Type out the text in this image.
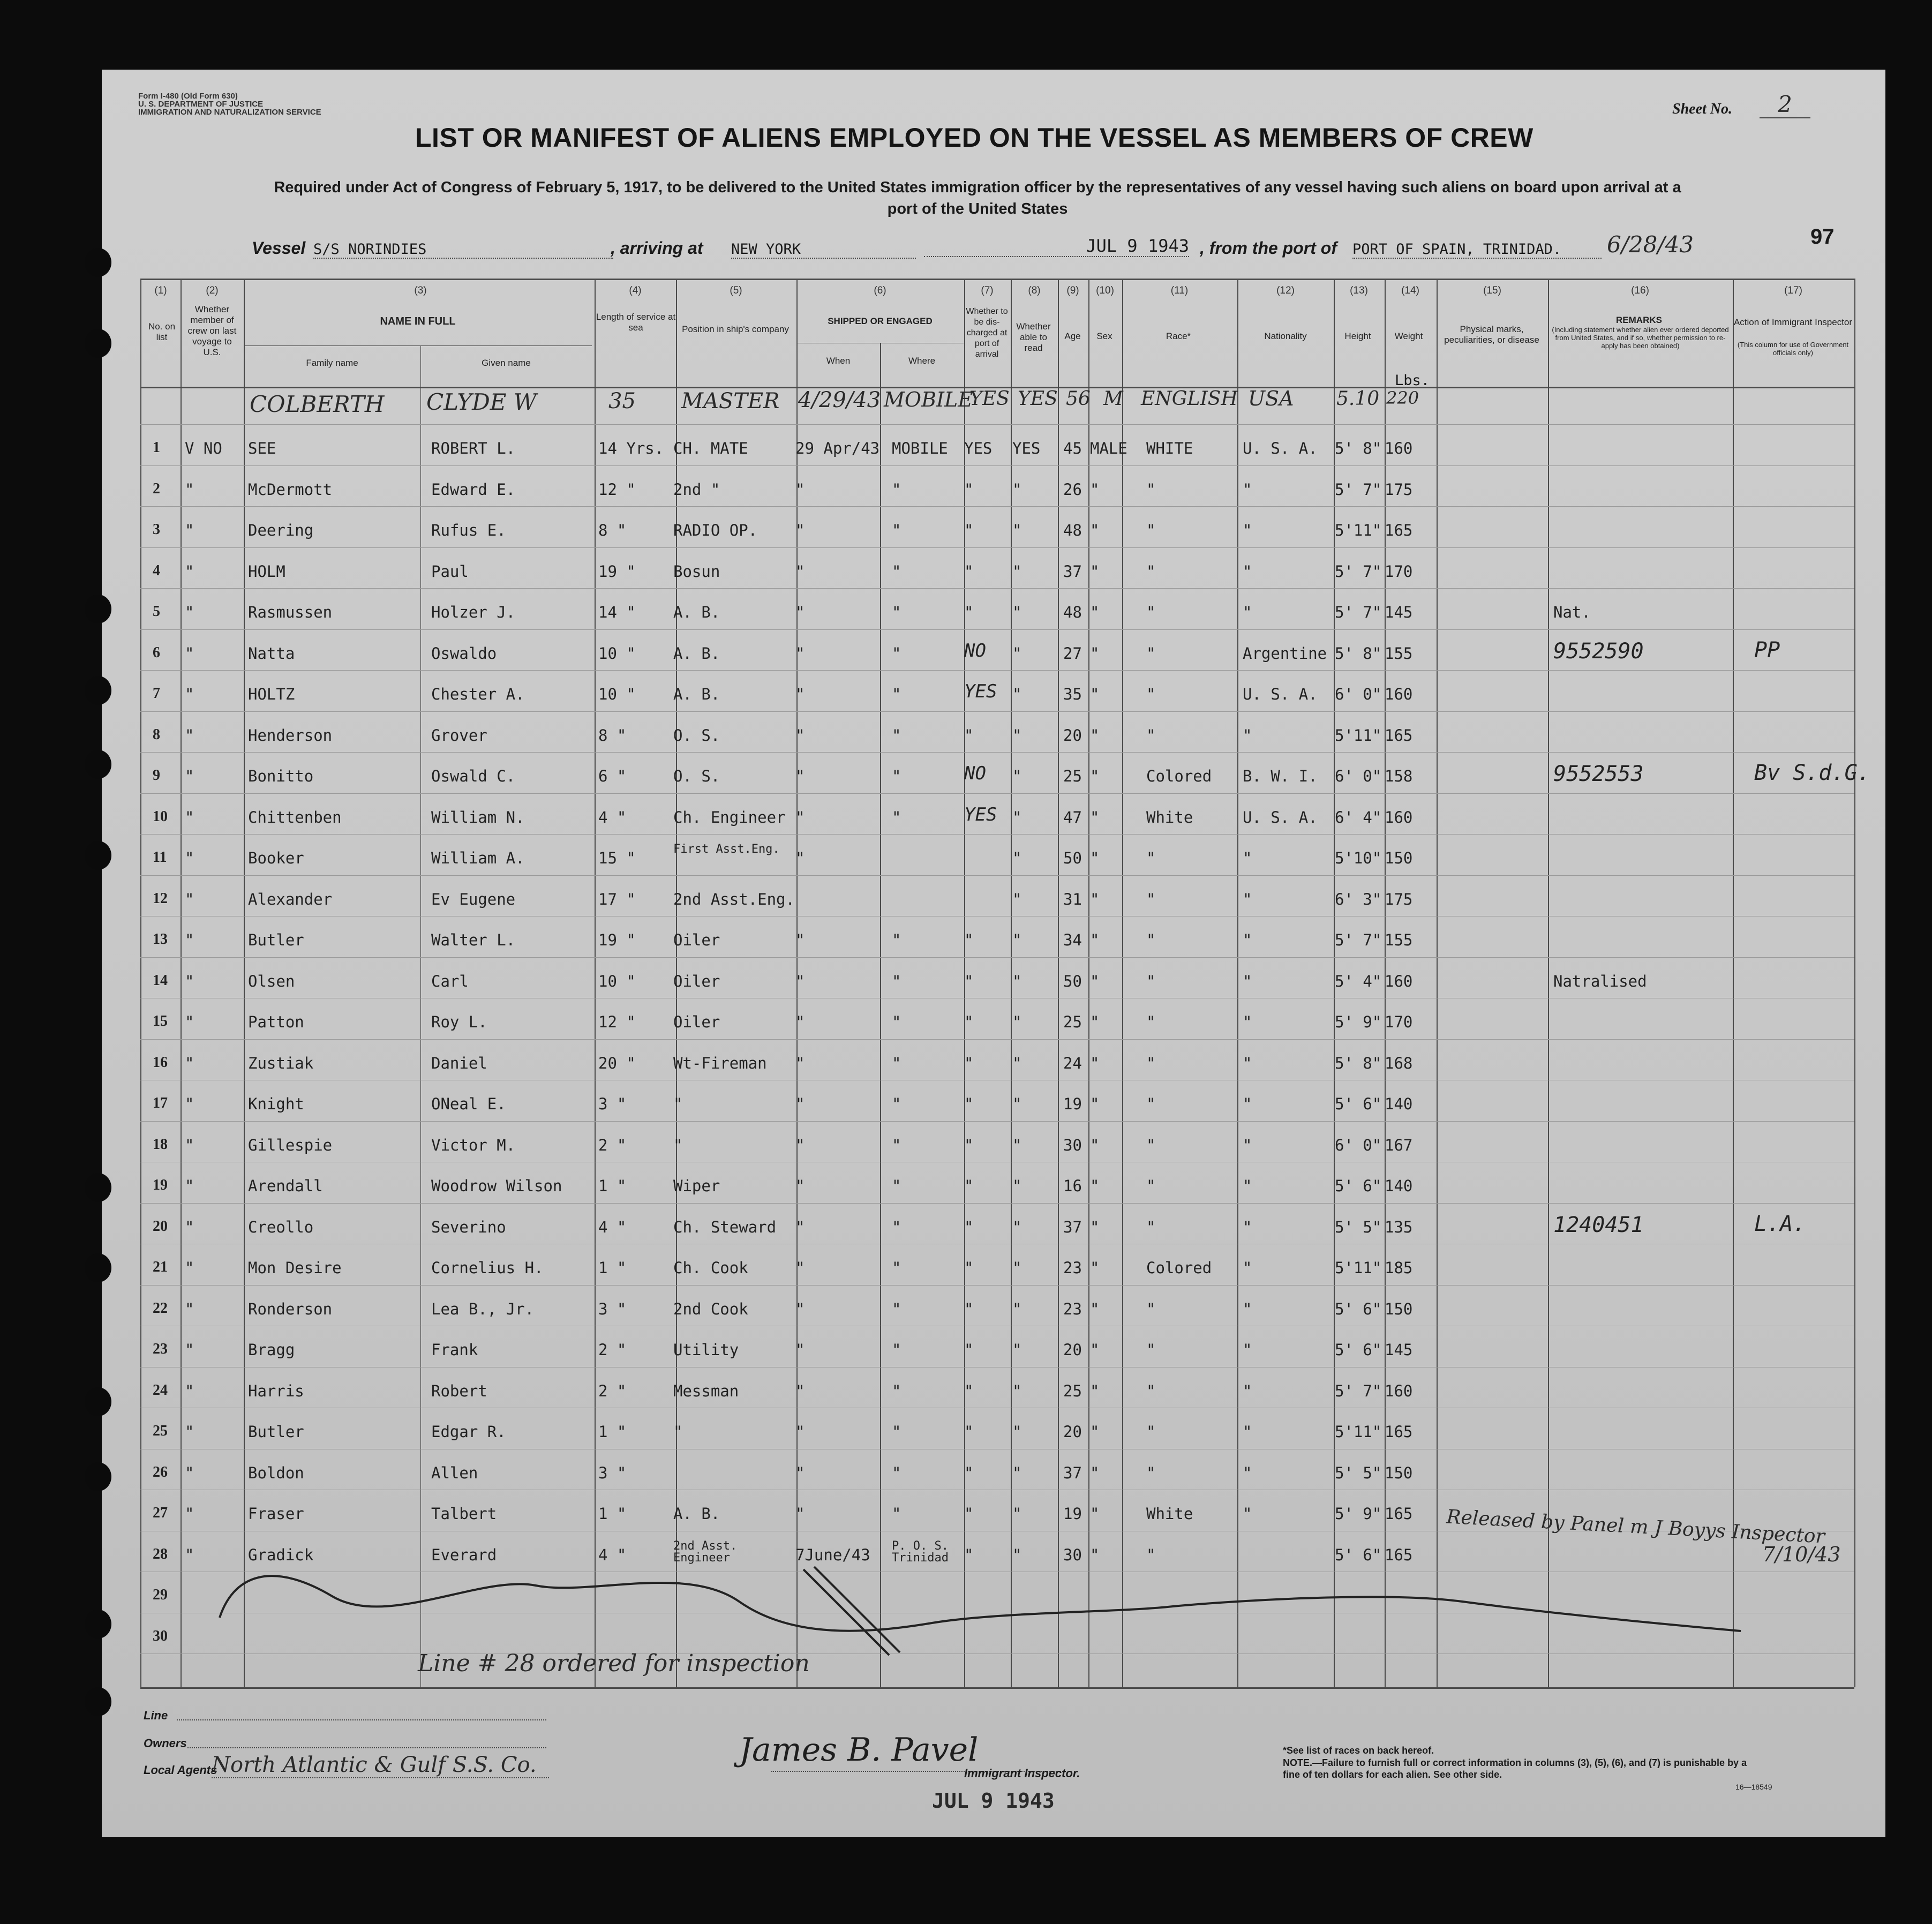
Form I-480 (Old Form 630)
U. S. DEPARTMENT OF JUSTICE
IMMIGRATION AND NATURALIZATION SERVICE	Sheet No.	2
LIST OR MANIFEST OF ALIENS EMPLOYED ON THE VESSEL AS MEMBERS OF CREW
Required under Act of Congress of February 5, 1917, to be delivered to the United States immigration officer by the representatives of any vessel having such aliens on board upon arrival at a
port of the United States
Vessel S/S NORINDIES	, arriving at NEW YORK	JUL 9 1943 , from the port of PORT OF SPAIN, TRINIDAD.	6/28/43	97
(1)	(2)	(3)	(4)	(5)	(6)	(7)	(8)	(9) (10)	(11)	(12)	(13)	(14)	(15)	(16)	(17)
No. on list
Whether member of crew on last voyage to U.S.
NAME IN FULL
Family name	Given name
Length of service at sea	Position in ship's company
SHIPPED OR ENGAGED
When	Where
Whether to be dis-charged at port of arrival
Whether able to read
Age	Sex	Race*	Nationality	Height	Weight
Physical marks, peculiarities, or disease
REMARKS
(Including statement whether alien ever ordered deported from United States, and if so, whether permission to re-apply has been obtained)
Action of Immigrant Inspector
(This column for use of Government officials only)
COLBERTH CLYDE W	35 MASTER 4/29/43 MOBILE
YES YES 56 M ENGLISH USA 5.10 220
Lbs.
1 V NO SEE	ROBERT L.	14 Yrs. CH. MATE	29 Apr/43 MOBILE YES YES 45 MALE WHITE	U. S. A. 5' 8" 160
2 "	McDermott	Edward E.	12 " 2nd "	"	"	"	"	26 "	"	"	5' 7" 175
3 "	Deering	Rufus E.	8 "	RADIO OP. "	"	"	"	48 "	"	"	5'11" 165
4 "	HOLM	Paul	19 " Bosun	"	"	"	"	37 "	"	"	5' 7" 170
5 "	Rasmussen	Holzer J.	14 " A. B.	"	"	"	"	48 "	"	"	5' 7" 145	Nat.
6 "	Natta	Oswaldo	10 " A. B.	"	"	NO "	27 "	"	Argentine 5' 8" 155	9552590	PP
7 "	HOLTZ	Chester A.	10 " A. B.	"	"	YES "	35 "	"	U. S. A. 6' 0" 160
8 "	Henderson	Grover	8 "	O. S.	"	"	"	"	20 "	"	"	5'11" 165
9 "	Bonitto	Oswald C.	6 "	O. S.	"	"	NO "	25 "	Colored B. W. I. 6' 0" 158	9552553	Bv S.d.G.
10 "	Chittenben	William N.	4 "	Ch. Engineer "	"	YES "	47 "	White	U. S. A. 6' 4" 160
11 "	Booker	William A.	15 "	First Asst.Eng. "	"	50 "	"	"	5'10" 150
12 "	Alexander	Ev Eugene	17 " 2nd Asst.Eng.	"	31 "	"	"	6' 3" 175
13 "	Butler	Walter L.	19 " Oiler	"	"	"	"	34 "	"	"	5' 7" 155
14 "	Olsen	Carl	10 " Oiler	"	"	"	"	50 "	"	"	5' 4" 160	Natralised
15 "	Patton	Roy L.	12 " Oiler	"	"	"	"	25 "	"	"	5' 9" 170
16 "	Zustiak	Daniel	20 " Wt-Fireman "	"	"	"	24 "	"	"	5' 8" 168
17 "	Knight	ONeal E.	3 "	"	"	"	"	"	19 "	"	"	5' 6" 140
18 "	Gillespie	Victor M.	2 "	"	"	"	"	"	30 "	"	"	6' 0" 167
19 "	Arendall	Woodrow Wilson 1 "	Wiper	"	"	"	"	16 "	"	"	5' 6" 140
20 "	Creollo	Severino	4 "	Ch. Steward "	"	"	"	37 "	"	"	5' 5" 135	1240451	L.A.
21 "	Mon Desire	Cornelius H.	1 "	Ch. Cook	"	"	"	"	23 "	Colored "	5'11" 185
22 "	Ronderson	Lea B., Jr.	3 "	2nd Cook	"	"	"	"	23 "	"	"	5' 6" 150
23 "	Bragg	Frank	2 "	Utility	"	"	"	"	20 "	"	"	5' 6" 145
24 "	Harris	Robert	2 "	Messman	"	"	"	"	25 "	"	"	5' 7" 160
25 "	Butler	Edgar R.	1 "	"	"	"	"	"	20 "	"	"	5'11" 165
26 "	Boldon	Allen	3 "	"	"	"	"	37 "	"	"	5' 5" 150
27 "	Fraser	Talbert	1 "	A. B.	"	"	"	"	19 "	White	"	5' 9" 165
28 "	Gradick	Everard	4 "	2nd Asst. Engineer	7June/43 P. O. S. Trinidad	"	"	30 "	"	5' 6" 165
29
30
Line # 28 ordered for inspection
Released by Panel m J Boyys Inspector
7/10/43
Line
Owners
Local Agents
North Atlantic & Gulf S.S. Co.	James B. Pavel
Immigrant Inspector.
JUL 9 1943
*See list of races on back hereof.
NOTE.—Failure to furnish full or correct information in columns (3), (5), (6), and (7) is punishable by a fine of ten dollars for each alien. See other side.
16—18549
